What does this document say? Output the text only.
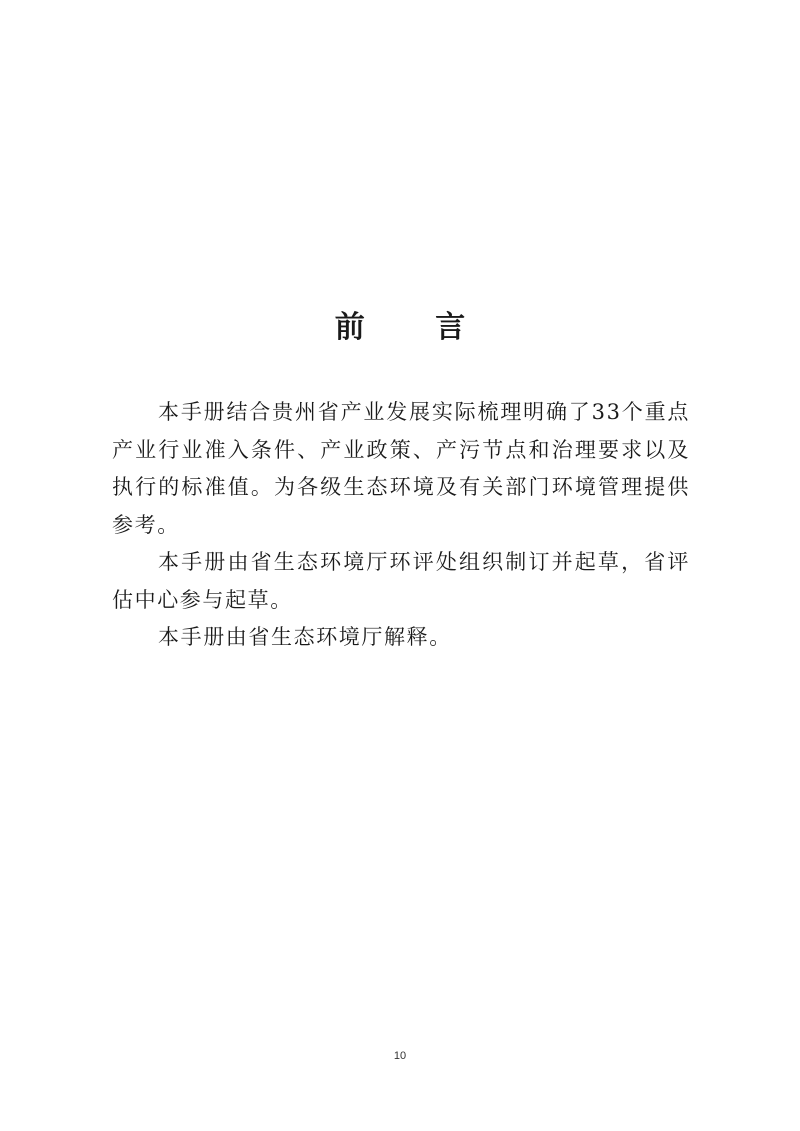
前 言

本手册结合贵州省产业发展实际梳理明确了33个重点产业行业准入条件、产业政策、产污节点和治理要求以及执行的标准值。为各级生态环境及有关部门环境管理提供参考。

本手册由省生态环境厅环评处组织制订并起草，省评估中心参与起草。

本手册由省生态环境厅解释。

10
